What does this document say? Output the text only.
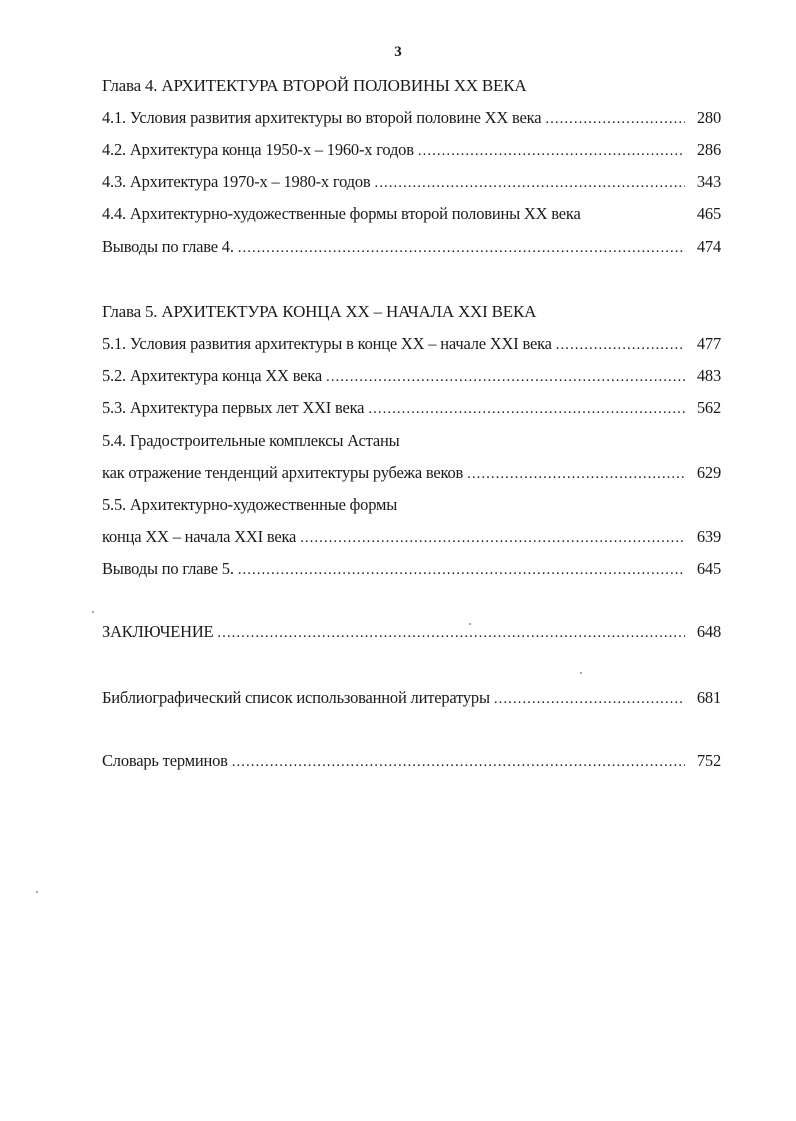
3
Глава 4. АРХИТЕКТУРА ВТОРОЙ ПОЛОВИНЫ XX ВЕКА
4.1. Условия развития архитектуры во второй половине XX века .....	280
4.2. Архитектура конца 1950-х – 1960-х годов .....	286
4.3. Архитектура 1970-х – 1980-х годов .....	343
4.4. Архитектурно-художественные формы второй половины XX века	465
Выводы по главе 4. .....	474
Глава 5. АРХИТЕКТУРА КОНЦА XX – НАЧАЛА XXI ВЕКА
5.1. Условия развития архитектуры в конце XX – начале XXI века .....	477
5.2. Архитектура конца XX века .....	483
5.3. Архитектура первых лет XXI века .....	562
5.4. Градостроительные комплексы Астаны
как отражение тенденций архитектуры рубежа веков .....	629
5.5. Архитектурно-художественные формы
конца XX – начала XXI века .....	639
Выводы по главе 5. .....	645
ЗАКЛЮЧЕНИЕ .....	648
Библиографический список использованной литературы .....	681
Словарь терминов .....	752
